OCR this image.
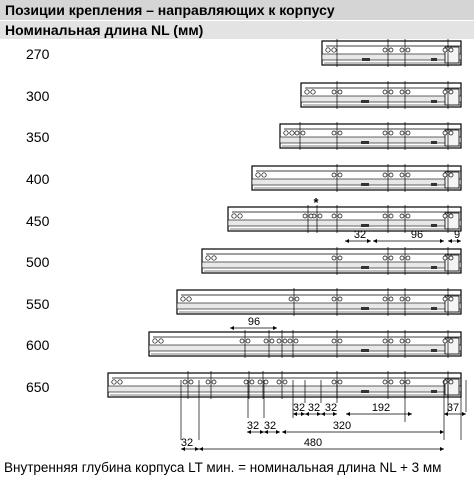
Позиции крепления – направляющих к корпусу
Номинальная длина NL (мм)
270
300
350
400
450
500
550
600
650
*
32	96	9
96
32 32 32	192	37
32 32	320
32	480
Внутренняя глубина корпуса LT мин. = номинальная длина NL + 3 мм
